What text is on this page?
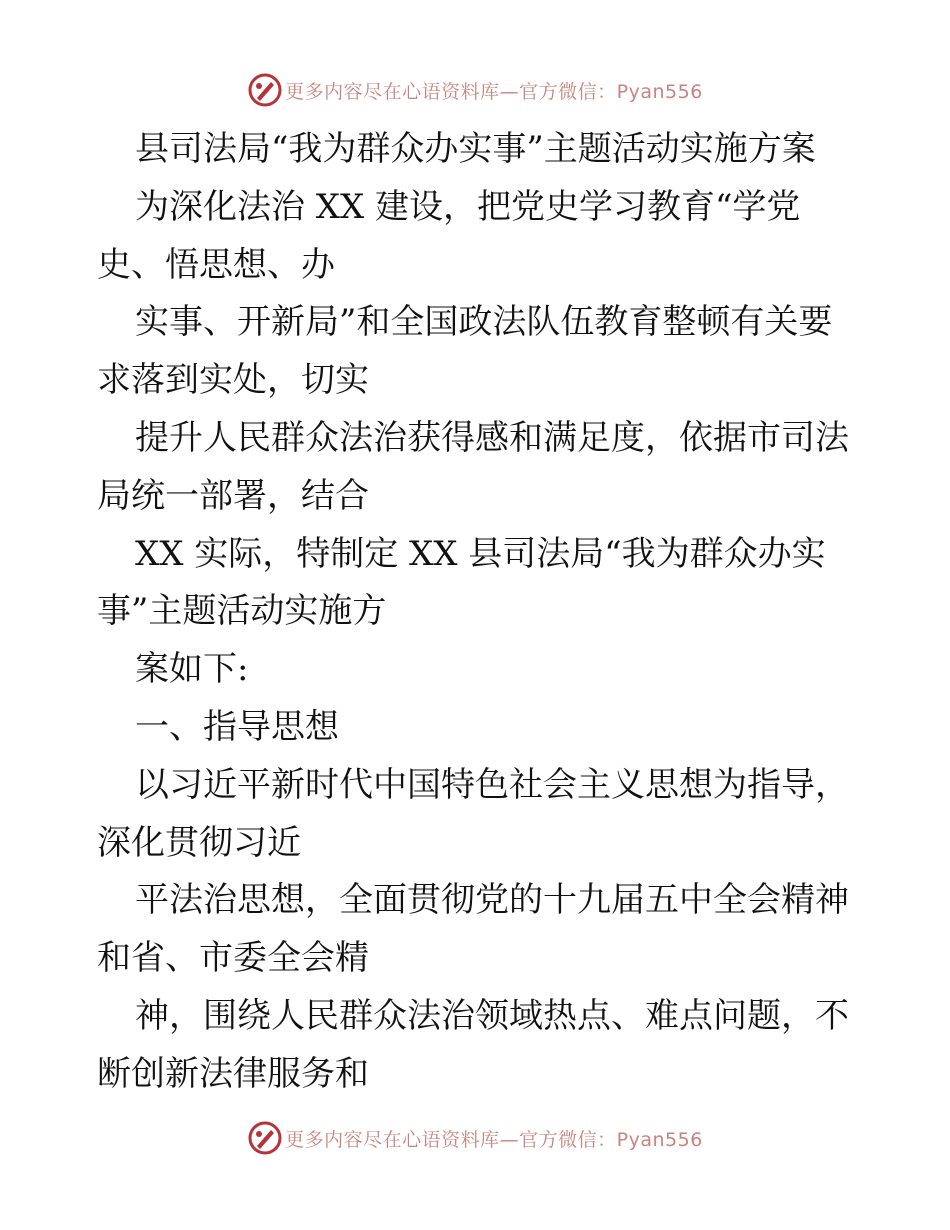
更多内容尽在心语资料库—官方微信：Pyan556
县司法局“我为群众办实事”主题活动实施方案
为深化法治 XX 建设，把党史学习教育“学党
史、悟思想、办
实事、开新局”和全国政法队伍教育整顿有关要
求落到实处，切实
提升人民群众法治获得感和满足度，依据市司法
局统一部署，结合
XX 实际，特制定 XX 县司法局“我为群众办实
事”主题活动实施方
案如下:
一、指导思想
以习近平新时代中国特色社会主义思想为指导，
深化贯彻习近
平法治思想，全面贯彻党的十九届五中全会精神
和省、市委全会精
神，围绕人民群众法治领域热点、难点问题，不
断创新法律服务和
更多内容尽在心语资料库—官方微信：Pyan556
